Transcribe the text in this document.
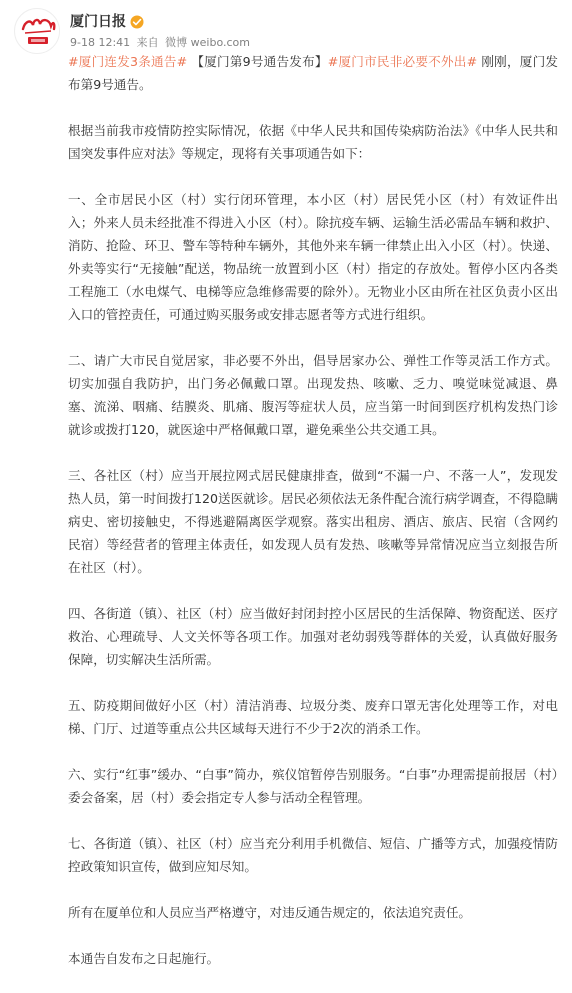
厦门日报
9-18 12:41 来自 微博 weibo.com

#厦门连发3条通告# 【厦门第9号通告发布】#厦门市民非必要不外出# 刚刚，厦门发布第9号通告。

根据当前我市疫情防控实际情况，依据《中华人民共和国传染病防治法》《中华人民共和国突发事件应对法》等规定，现将有关事项通告如下：

一、全市居民小区（村）实行闭环管理，本小区（村）居民凭小区（村）有效证件出入；外来人员未经批准不得进入小区（村）。除抗疫车辆、运输生活必需品车辆和救护、消防、抢险、环卫、警车等特种车辆外，其他外来车辆一律禁止出入小区（村）。快递、外卖等实行“无接触”配送，物品统一放置到小区（村）指定的存放处。暂停小区内各类工程施工（水电煤气、电梯等应急维修需要的除外）。无物业小区由所在社区负责小区出入口的管控责任，可通过购买服务或安排志愿者等方式进行组织。

二、请广大市民自觉居家，非必要不外出，倡导居家办公、弹性工作等灵活工作方式。切实加强自我防护，出门务必佩戴口罩。出现发热、咳嗽、乏力、嗅觉味觉减退、鼻塞、流涕、咽痛、结膜炎、肌痛、腹泻等症状人员，应当第一时间到医疗机构发热门诊就诊或拨打120，就医途中严格佩戴口罩，避免乘坐公共交通工具。

三、各社区（村）应当开展拉网式居民健康排查，做到“不漏一户、不落一人”，发现发热人员，第一时间拨打120送医就诊。居民必须依法无条件配合流行病学调查，不得隐瞒病史、密切接触史，不得逃避隔离医学观察。落实出租房、酒店、旅店、民宿（含网约民宿）等经营者的管理主体责任，如发现人员有发热、咳嗽等异常情况应当立刻报告所在社区（村）。

四、各街道（镇）、社区（村）应当做好封闭封控小区居民的生活保障、物资配送、医疗救治、心理疏导、人文关怀等各项工作。加强对老幼弱残等群体的关爱，认真做好服务保障，切实解决生活所需。

五、防疫期间做好小区（村）清洁消毒、垃圾分类、废弃口罩无害化处理等工作，对电梯、门厅、过道等重点公共区域每天进行不少于2次的消杀工作。

六、实行“红事”缓办、“白事”简办，殡仪馆暂停告别服务。“白事”办理需提前报居（村）委会备案，居（村）委会指定专人参与活动全程管理。

七、各街道（镇）、社区（村）应当充分利用手机微信、短信、广播等方式，加强疫情防控政策知识宣传，做到应知尽知。

所有在厦单位和人员应当严格遵守，对违反通告规定的，依法追究责任。

本通告自发布之日起施行。
